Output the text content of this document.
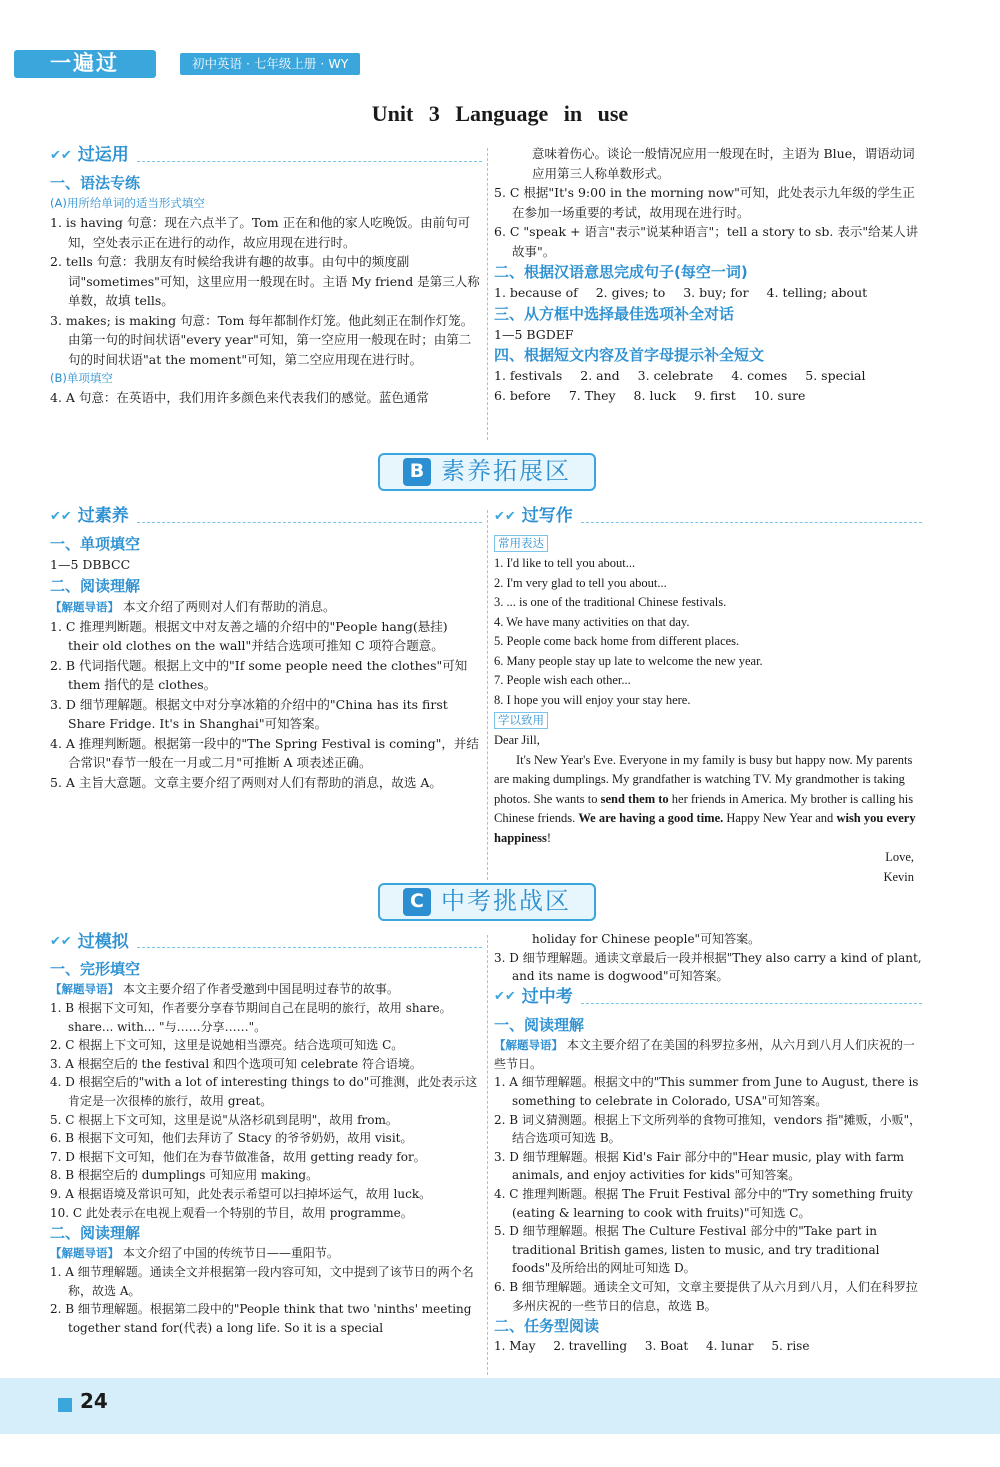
一遍过	初中英语 · 七年级上册 · WY
Unit 3 Language in use
✔✔ 过运用
一、语法专练
(A)用所给单词的适当形式填空
1. is having 句意：现在六点半了。Tom 正在和他的家人吃晚饭。由前句可知，空处表示正在进行的动作，故应用现在进行时。
2. tells 句意：我朋友有时候给我讲有趣的故事。由句中的频度副词"sometimes"可知，这里应用一般现在时。主语 My friend 是第三人称单数，故填 tells。
3. makes; is making 句意：Tom 每年都制作灯笼。他此刻正在制作灯笼。由第一句的时间状语"every year"可知，第一空应用一般现在时；由第二句的时间状语"at the moment"可知，第二空应用现在进行时。
(B)单项填空
4. A 句意：在英语中，我们用许多颜色来代表我们的感觉。蓝色通常
意味着伤心。谈论一般情况应用一般现在时，主语为 Blue，谓语动词应用第三人称单数形式。
5. C 根据"It's 9:00 in the morning now"可知，此处表示九年级的学生正在参加一场重要的考试，故用现在进行时。
6. C "speak + 语言"表示"说某种语言"；tell a story to sb. 表示"给某人讲故事"。
二、根据汉语意思完成句子(每空一词)
1. because of 2. gives; to 3. buy; for 4. telling; about
三、从方框中选择最佳选项补全对话
1—5 BGDEF
四、根据短文内容及首字母提示补全短文
1. festivals 2. and 3. celebrate 4. comes 5. special
6. before 7. They 8. luck 9. first 10. sure
B 素养拓展区
✔✔ 过素养
一、单项填空
1—5 DBBCC
二、阅读理解
【解题导语】 本文介绍了两则对人们有帮助的消息。
1. C 推理判断题。根据文中对友善之墙的介绍中的"People hang(悬挂) their old clothes on the wall"并结合选项可推知 C 项符合题意。
2. B 代词指代题。根据上文中的"If some people need the clothes"可知 them 指代的是 clothes。
3. D 细节理解题。根据文中对分享冰箱的介绍中的"China has its first Share Fridge. It's in Shanghai"可知答案。
4. A 推理判断题。根据第一段中的"The Spring Festival is coming"，并结合常识"春节一般在一月或二月"可推断 A 项表述正确。
5. A 主旨大意题。文章主要介绍了两则对人们有帮助的消息，故选 A。
✔✔ 过写作
常用表达
1. I'd like to tell you about...
2. I'm very glad to tell you about...
3. ... is one of the traditional Chinese festivals.
4. We have many activities on that day.
5. People come back home from different places.
6. Many people stay up late to welcome the new year.
7. People wish each other...
8. I hope you will enjoy your stay here.
学以致用
Dear Jill,
It's New Year's Eve. Everyone in my family is busy but happy now. My parents are making dumplings. My grandfather is watching TV. My grandmother is taking photos. She wants to send them to her friends in America. My brother is calling his Chinese friends. We are having a good time. Happy New Year and wish you every happiness!
Love,
Kevin
C 中考挑战区
✔✔ 过模拟
一、完形填空
【解题导语】 本文主要介绍了作者受邀到中国昆明过春节的故事。
1. B 根据下文可知，作者要分享春节期间自己在昆明的旅行，故用 share。share... with... "与……分享……"。
2. C 根据上下文可知，这里是说她相当漂亮。结合选项可知选 C。
3. A 根据空后的 the festival 和四个选项可知 celebrate 符合语境。
4. D 根据空后的"with a lot of interesting things to do"可推测，此处表示这肯定是一次很棒的旅行，故用 great。
5. C 根据上下文可知，这里是说"从洛杉矶到昆明"，故用 from。
6. B 根据下文可知，他们去拜访了 Stacy 的爷爷奶奶，故用 visit。
7. D 根据下文可知，他们在为春节做准备，故用 getting ready for。
8. B 根据空后的 dumplings 可知应用 making。
9. A 根据语境及常识可知，此处表示希望可以扫掉坏运气，故用 luck。
10. C 此处表示在电视上观看一个特别的节目，故用 programme。
二、阅读理解
【解题导语】 本文介绍了中国的传统节日——重阳节。
1. A 细节理解题。通读全文并根据第一段内容可知，文中提到了该节日的两个名称，故选 A。
2. B 细节理解题。根据第二段中的"People think that two 'ninths' meeting together stand for(代表) a long life. So it is a special
holiday for Chinese people"可知答案。
3. D 细节理解题。通读文章最后一段并根据"They also carry a kind of plant, and its name is dogwood"可知答案。
✔✔ 过中考
一、阅读理解
【解题导语】 本文主要介绍了在美国的科罗拉多州，从六月到八月人们庆祝的一些节日。
1. A 细节理解题。根据文中的"This summer from June to August, there is something to celebrate in Colorado, USA"可知答案。
2. B 词义猜测题。根据上下文所列举的食物可推知，vendors 指"摊贩，小贩"，结合选项可知选 B。
3. D 细节理解题。根据 Kid's Fair 部分中的"Hear music, play with farm animals, and enjoy activities for kids"可知答案。
4. C 推理判断题。根据 The Fruit Festival 部分中的"Try something fruity (eating & learning to cook with fruits)"可知选 C。
5. D 细节理解题。根据 The Culture Festival 部分中的"Take part in traditional British games, listen to music, and try traditional foods"及所给出的网址可知选 D。
6. B 细节理解题。通读全文可知，文章主要提供了从六月到八月，人们在科罗拉多州庆祝的一些节日的信息，故选 B。
二、任务型阅读
1. May 2. travelling 3. Boat 4. lunar 5. rise
24
